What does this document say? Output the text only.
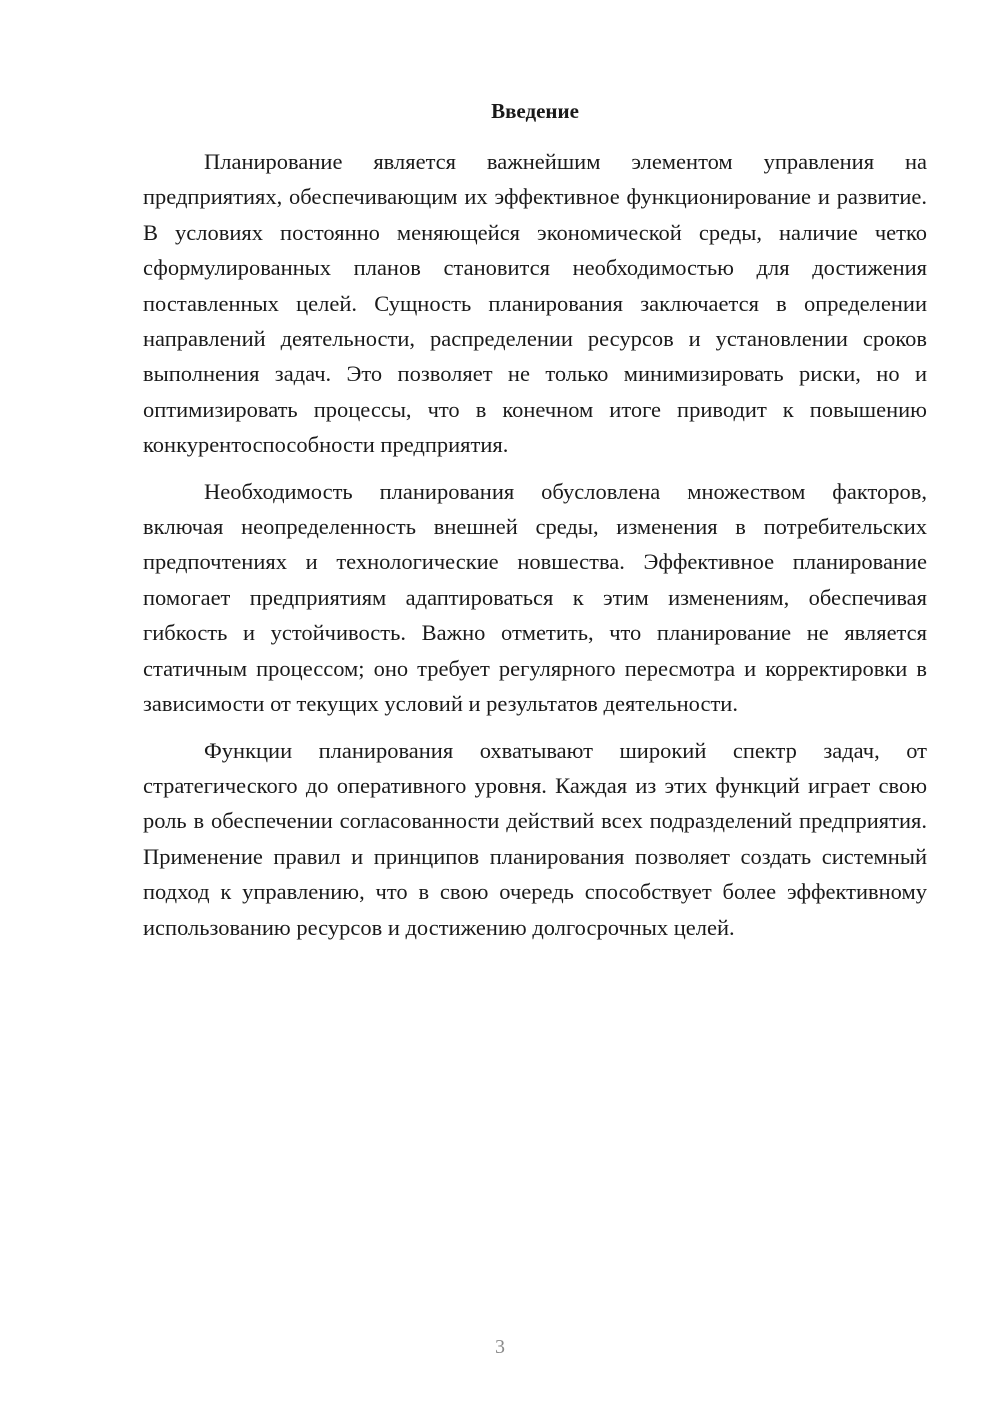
Введение

Планирование является важнейшим элементом управления на предприятиях, обеспечивающим их эффективное функционирование и развитие. В условиях постоянно меняющейся экономической среды, наличие четко сформулированных планов становится необходимостью для достижения поставленных целей. Сущность планирования заключается в определении направлений деятельности, распределении ресурсов и установлении сроков выполнения задач. Это позволяет не только минимизировать риски, но и оптимизировать процессы, что в конечном итоге приводит к повышению конкурентоспособности предприятия.

Необходимость планирования обусловлена множеством факторов, включая неопределенность внешней среды, изменения в потребительских предпочтениях и технологические новшества. Эффективное планирование помогает предприятиям адаптироваться к этим изменениям, обеспечивая гибкость и устойчивость. Важно отметить, что планирование не является статичным процессом; оно требует регулярного пересмотра и корректировки в зависимости от текущих условий и результатов деятельности.

Функции планирования охватывают широкий спектр задач, от стратегического до оперативного уровня. Каждая из этих функций играет свою роль в обеспечении согласованности действий всех подразделений предприятия. Применение правил и принципов планирования позволяет создать системный подход к управлению, что в свою очередь способствует более эффективному использованию ресурсов и достижению долгосрочных целей.

3
